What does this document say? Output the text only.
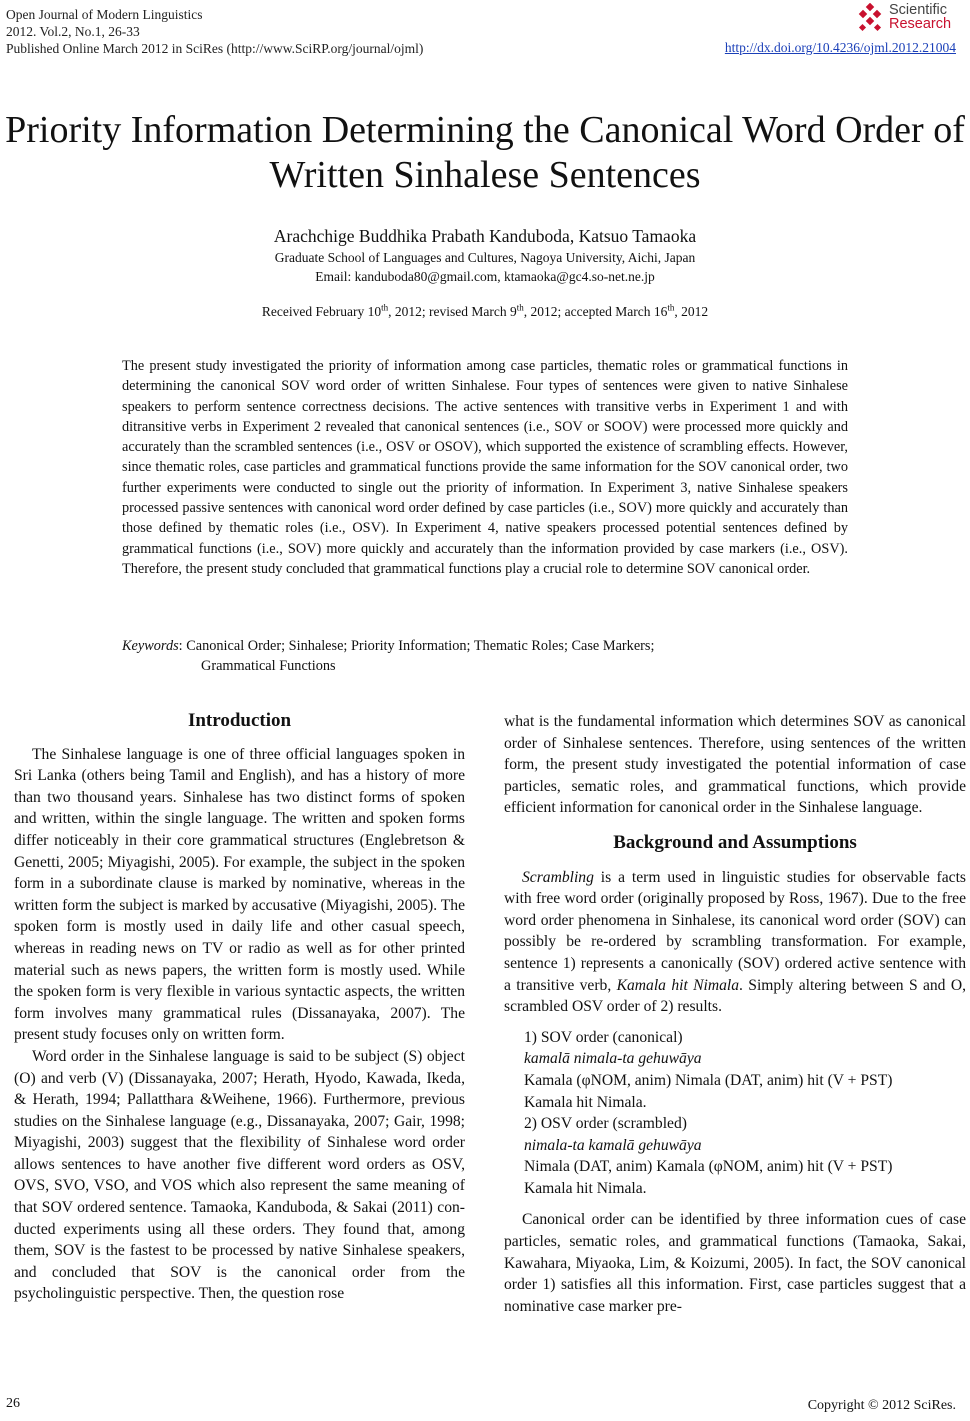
Open Journal of Modern Linguistics
2012. Vol.2, No.1, 26-33
Published Online March 2012 in SciRes (http://www.SciRP.org/journal/ojml)	http://dx.doi.org/10.4236/ojml.2012.21004
Scientific
Research
Priority Information Determining the Canonical Word Order of
Written Sinhalese Sentences
Arachchige Buddhika Prabath Kanduboda, Katsuo Tamaoka
Graduate School of Languages and Cultures, Nagoya University, Aichi, Japan
Email: kanduboda80@gmail.com, ktamaoka@gc4.so-net.ne.jp
Received February 10th, 2012; revised March 9th, 2012; accepted March 16th, 2012

The present study investigated the priority of information among case particles, thematic roles or grammatical functions in determining the canonical SOV word order of written Sinhalese. Four types of sentences were given to native Sinhalese speakers to perform sentence correctness decisions. The active sentences with transitive verbs in Experiment 1 and with ditransitive verbs in Experiment 2 revealed that canonical sentences (i.e., SOV or SOOV) were processed more quickly and accurately than the scrambled sentences (i.e., OSV or OSOV), which supported the existence of scrambling effects. However, since thematic roles, case particles and grammatical functions provide the same information for the SOV canonical order, two further experiments were conducted to single out the priority of information. In Experiment 3, native Sinhalese speakers processed passive sentences with canonical word order defined by case particles (i.e., SOV) more quickly and accurately than those defined by thematic roles (i.e., OSV). In Experiment 4, native speakers processed potential sentences defined by grammatical functions (i.e., SOV) more quickly and accurately than the information provided by case markers (i.e., OSV). Therefore, the present study concluded that grammatical functions play a crucial role to determine SOV canonical order.

Keywords: Canonical Order; Sinhalese; Priority Information; Thematic Roles; Case Markers;
Grammatical Functions
Introduction

The Sinhalese language is one of three official languages spoken in Sri Lanka (others being Tamil and English), and has a history of more than two thousand years. Sinhalese has two distinct forms of spoken and written, within the single language. The written and spoken forms differ noticeably in their core grammatical structures (Englebretson & Genetti, 2005; Miyagishi, 2005). For example, the subject in the spoken form in a subordinate clause is marked by nominative, whereas in the written form the subject is marked by accusative (Miyagishi, 2005). The spoken form is mostly used in daily life and other casual speech, whereas in reading news on TV or radio as well as for other printed material such as news papers, the written form is mostly used. While the spoken form is very flexible in various syntactic aspects, the written form involves many grammatical rules (Dissanayaka, 2007). The present study focuses only on written form.

Word order in the Sinhalese language is said to be subject (S) object (O) and verb (V) (Dissanayaka, 2007; Herath, Hyodo, Kawada, Ikeda, & Herath, 1994; Pallatthara &Weihene, 1966). Furthermore, previous studies on the Sinhalese language (e.g., Dissanayaka, 2007; Gair, 1998; Miyagishi, 2003) suggest that the flexibility of Sinhalese word order allows sentences to have another five different word orders as OSV, OVS, SVO, VSO, and VOS which also represent the same meaning of that SOV ordered sentence. Tamaoka, Kanduboda, & Sakai (2011) conducted experiments using all these orders. They found that, among them, SOV is the fastest to be processed by native Sinhalese speakers, and concluded that SOV is the canonical order from the psycholinguistic perspective. Then, the question rose

what is the fundamental information which determines SOV as canonical order of Sinhalese sentences. Therefore, using sentences of the written form, the present study investigated the potential information of case particles, sematic roles, and grammatical functions, which provide efficient information for canonical order in the Sinhalese language.

Background and Assumptions

Scrambling is a term used in linguistic studies for observable facts with free word order (originally proposed by Ross, 1967). Due to the free word order phenomena in Sinhalese, its canonical word order (SOV) can possibly be re-ordered by scrambling transformation. For example, sentence 1) represents a canonically (SOV) ordered active sentence with a transitive verb, Kamala hit Nimala. Simply altering between S and O, scrambled OSV order of 2) results.

1) SOV order (canonical)
kamalā nimala-ta gehuwāya
Kamala (φNOM, anim) Nimala (DAT, anim) hit (V + PST)
Kamala hit Nimala.
2) OSV order (scrambled)
nimala-ta kamalā gehuwāya
Nimala (DAT, anim) Kamala (φNOM, anim) hit (V + PST)
Kamala hit Nimala.

Canonical order can be identified by three information cues of case particles, sematic roles, and grammatical functions (Tamaoka, Sakai, Kawahara, Miyaoka, Lim, & Koizumi, 2005). In fact, the SOV canonical order 1) satisfies all this information. First, case particles suggest that a nominative case marker pre-

26	Copyright © 2012 SciRes.
